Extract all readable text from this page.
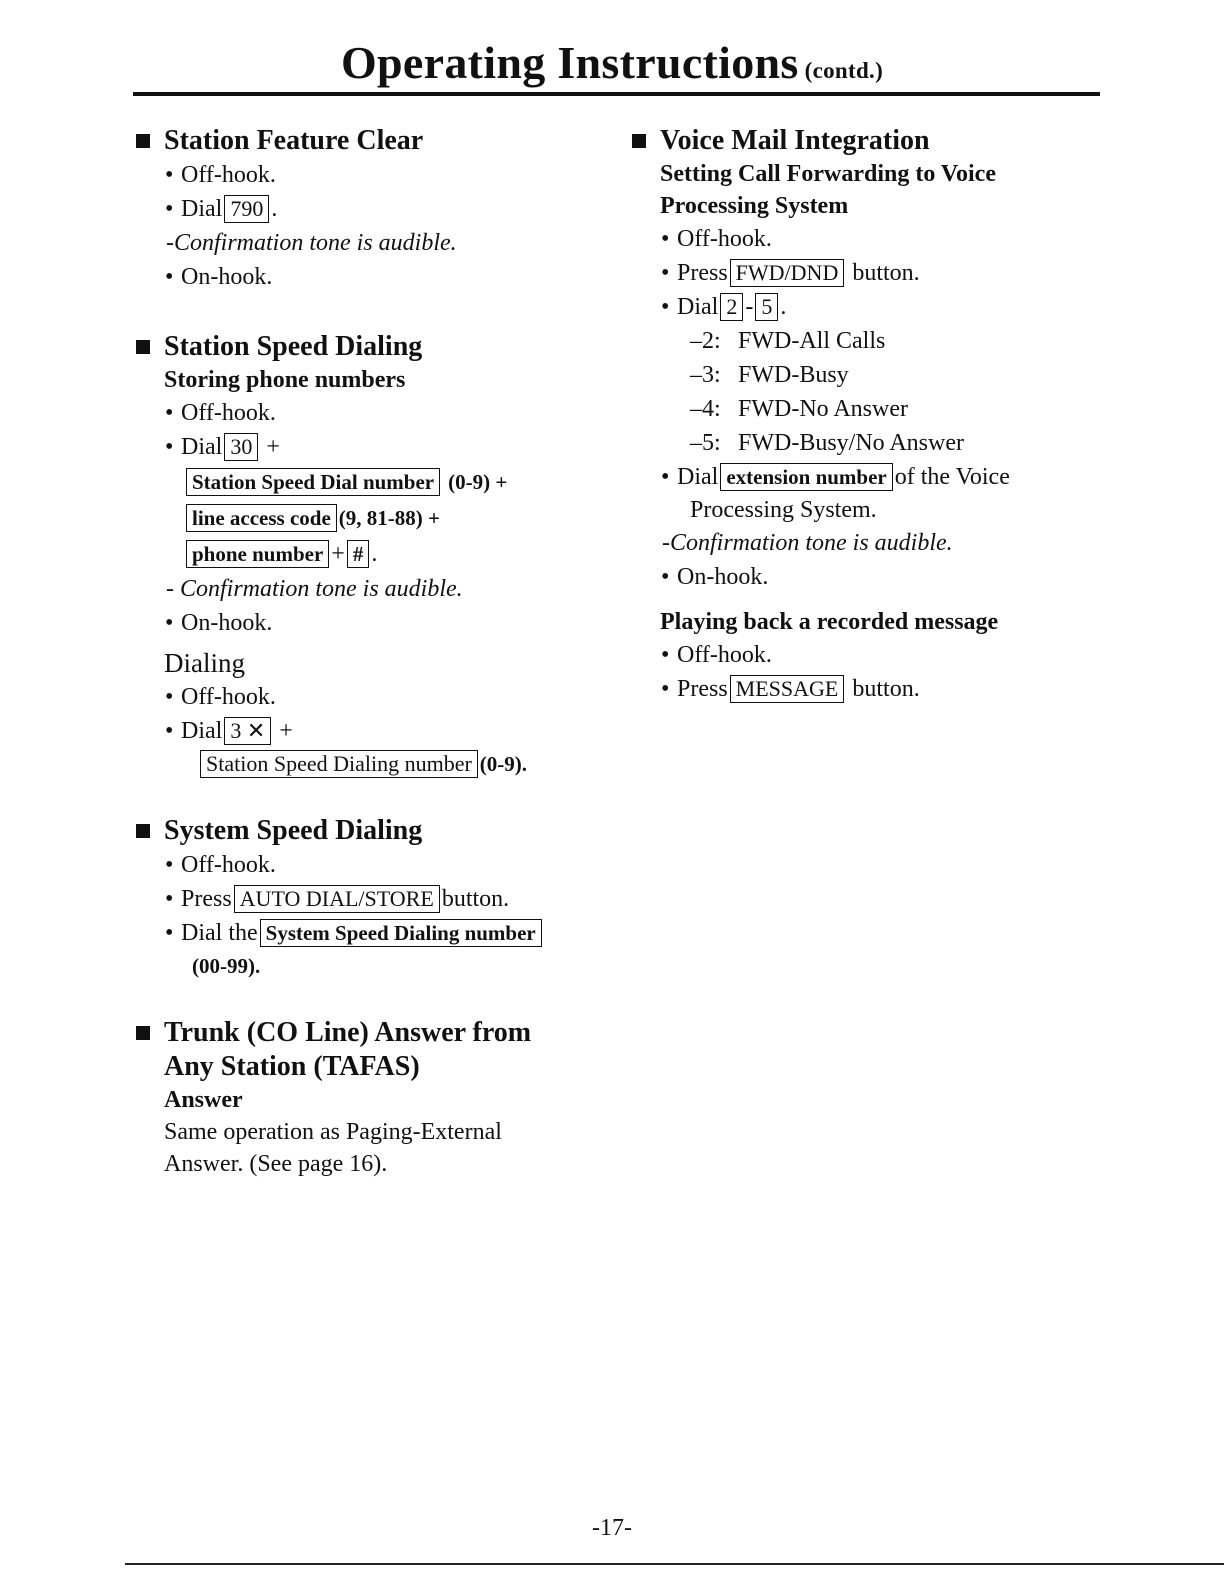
Operating Instructions (contd.)
Station Feature Clear
• Off-hook.
• Dial 790 .
-Confirmation tone is audible.
• On-hook.
Station Speed Dialing
Storing phone numbers
• Off-hook.
• Dial 30 +
Station Speed Dial number (0-9) +
line access code (9, 81-88) +
phone number + # .
- Confirmation tone is audible.
• On-hook.
Dialing
• Off-hook.
• Dial 3 ✕ +
Station Speed Dialing number (0-9).
System Speed Dialing
• Off-hook.
• Press AUTO DIAL/STORE button.
• Dial the System Speed Dialing number
(00-99).
Trunk (CO Line) Answer from
Any Station (TAFAS)
Answer
Same operation as Paging-External
Answer. (See page 16).
Voice Mail Integration
Setting Call Forwarding to Voice
Processing System
• Off-hook.
• Press FWD/DND button.
• Dial 2 - 5 .
–2: FWD-All Calls
–3: FWD-Busy
–4: FWD-No Answer
–5: FWD-Busy/No Answer
• Dial extension number of the Voice
Processing System.
-Confirmation tone is audible.
• On-hook.
Playing back a recorded message
• Off-hook.
• Press MESSAGE button.
-17-
